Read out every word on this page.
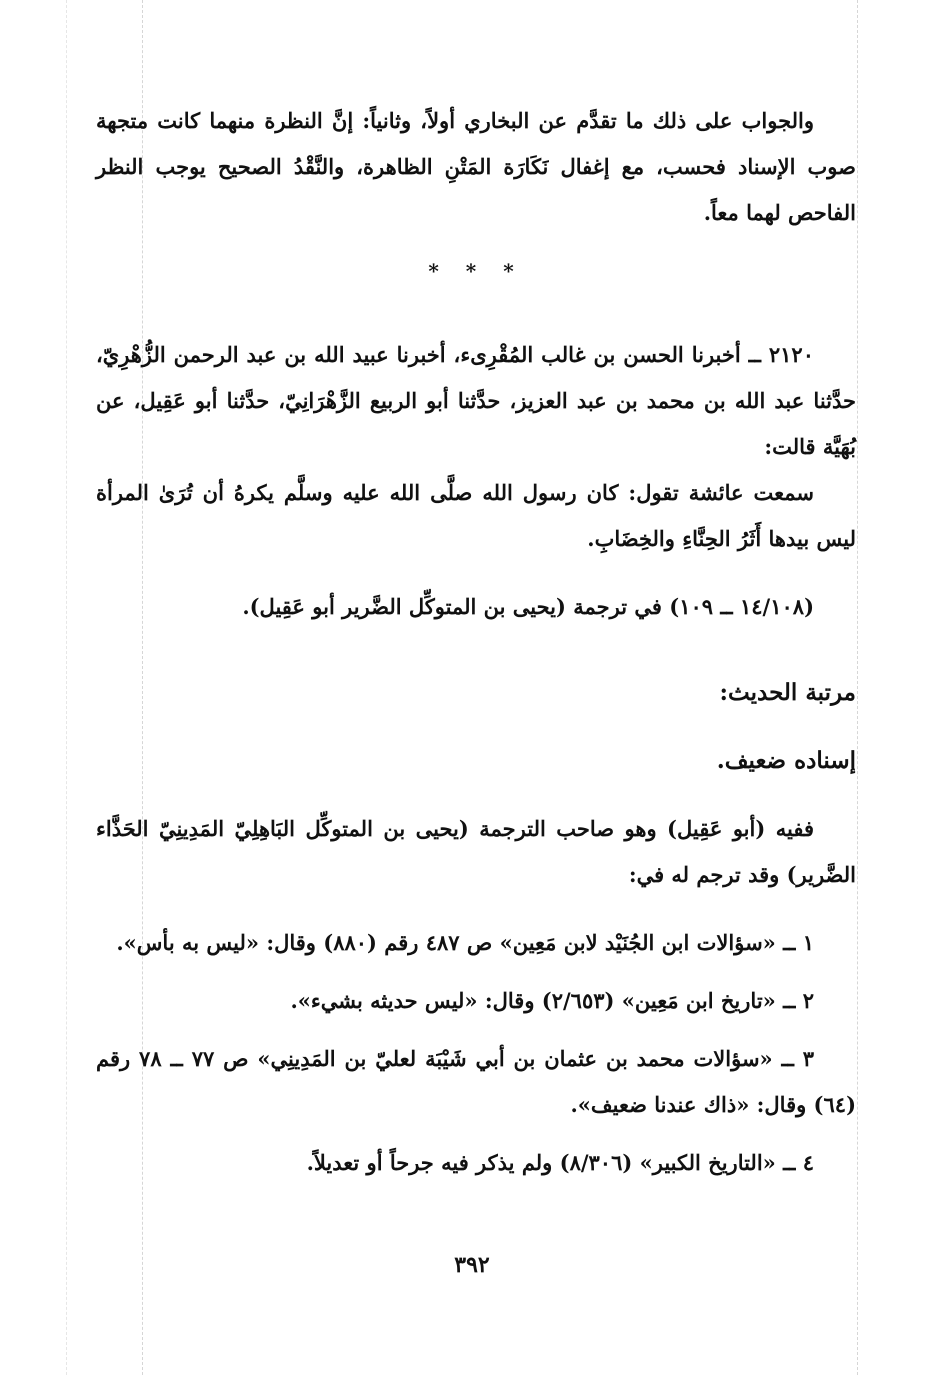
والجواب على ذلك ما تقدَّم عن البخاري أولاً، وثانياً: إنَّ النظرة منهما كانت متجهة صوب الإسناد فحسب، مع إغفال نَكَارَة المَتْنِ الظاهرة، والنَّقْدُ الصحيح يوجب النظر الفاحص لهما معاً.

* * *

٢١٢٠ ــ أخبرنا الحسن بن غالب المُقْرِىء، أخبرنا عبيد الله بن عبد الرحمن الزُّهْرِيّ، حدَّثنا عبد الله بن محمد بن عبد العزيز، حدَّثنا أبو الربيع الزَّهْرَانِيّ، حدَّثنا أبو عَقِيل، عن بُهَيَّة قالت:

سمعت عائشة تقول: كان رسول الله صلَّى الله عليه وسلَّم يكرهُ أن تُرَىٰ المرأة ليس بيدها أَثَرُ الحِنَّاءِ والخِضَابِ.

(١٤/١٠٨ ــ ١٠٩) في ترجمة (يحيى بن المتوكِّل الضَّرير أبو عَقِيل).

مرتبة الحديث:

إسناده ضعيف.

ففيه (أبو عَقِيل) وهو صاحب الترجمة (يحيى بن المتوكِّل البَاهِلِيّ المَدِينِيّ الحَذَّاء الضَّرير) وقد ترجم له في:

١ ــ «سؤالات ابن الجُنَيْد لابن مَعِين» ص ٤٨٧ رقم (٨٨٠) وقال: «ليس به بأس».

٢ ــ «تاريخ ابن مَعِين» (٢/٦٥٣) وقال: «ليس حديثه بشيء».

٣ ــ «سؤالات محمد بن عثمان بن أبي شَيْبَة لعليّ بن المَدِينِي» ص ٧٧ ــ ٧٨ رقم (٦٤) وقال: «ذاك عندنا ضعيف».

٤ ــ «التاريخ الكبير» (٨/٣٠٦) ولم يذكر فيه جرحاً أو تعديلاً.

٣٩٢
